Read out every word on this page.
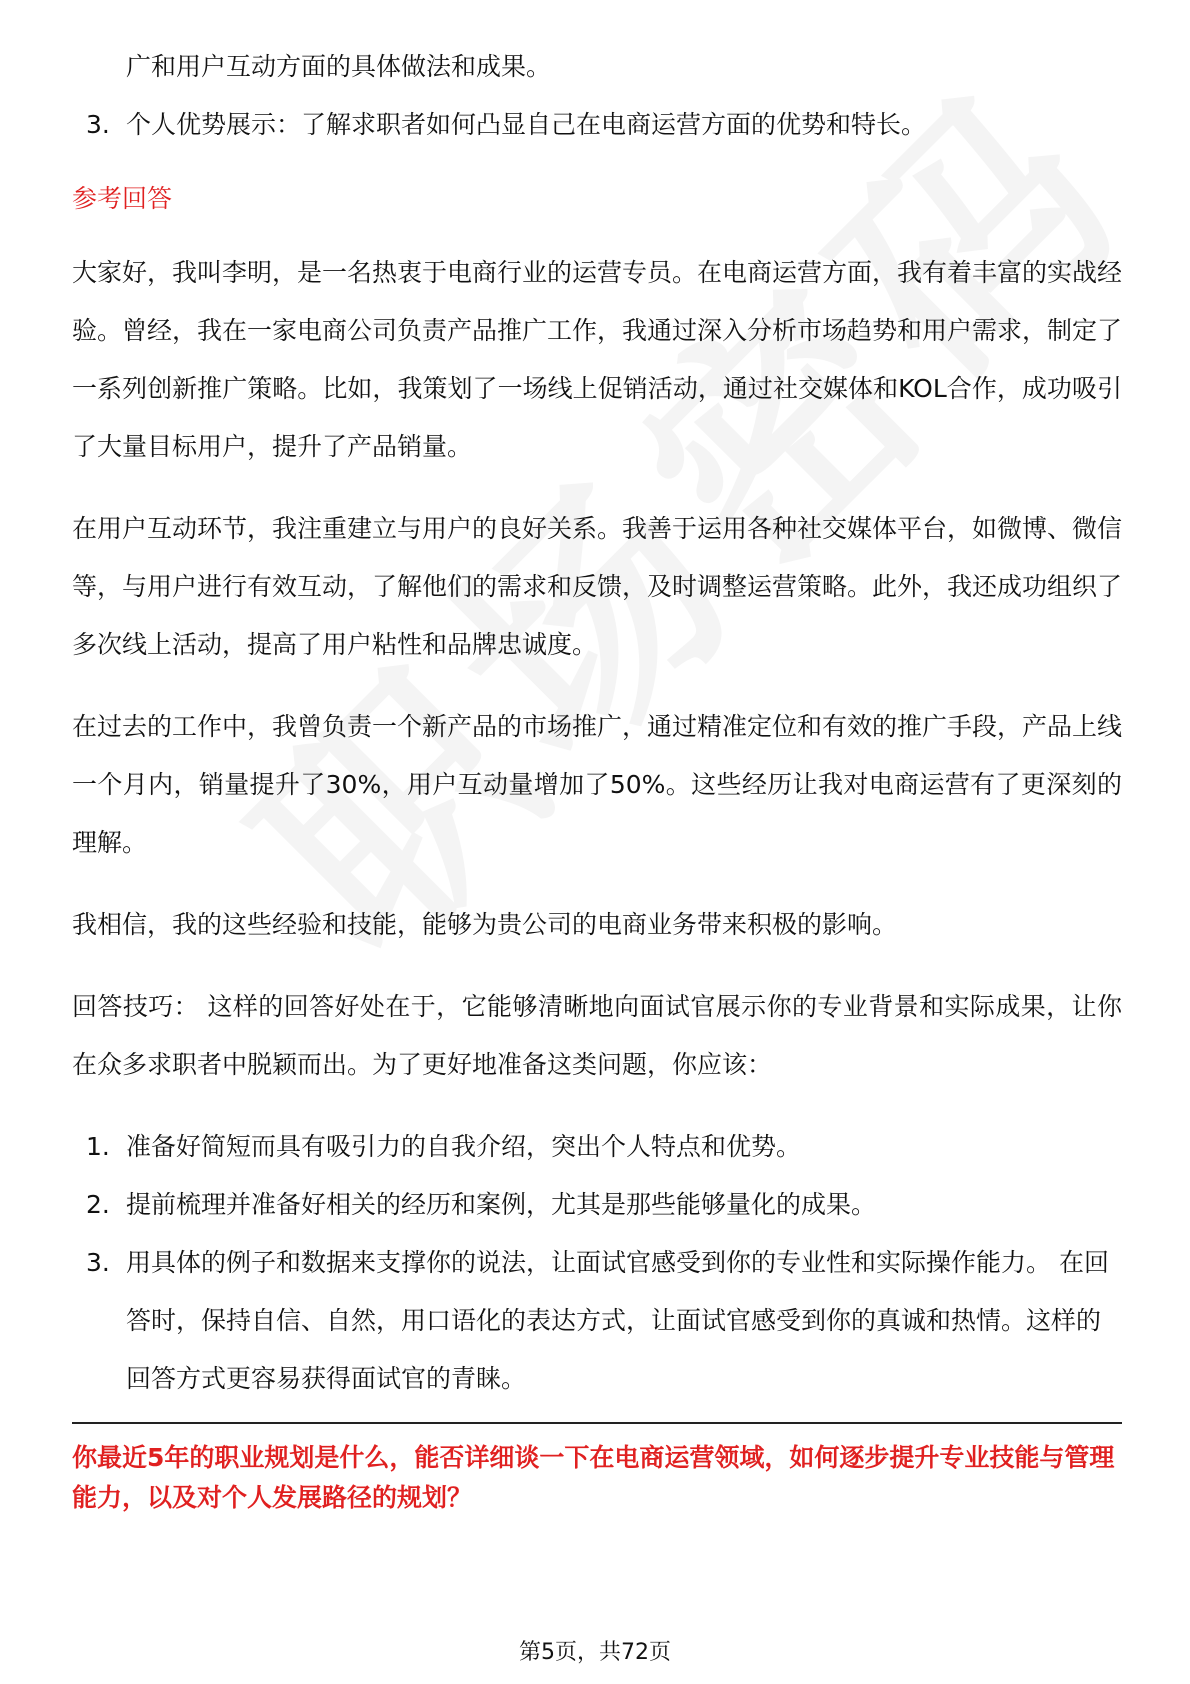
广和用户互动方面的具体做法和成果。
3. 个人优势展示：了解求职者如何凸显自己在电商运营方面的优势和特长。
参考回答

大家好，我叫李明，是一名热衷于电商行业的运营专员。在电商运营方面，我有着丰富的实战经验。曾经，我在一家电商公司负责产品推广工作，我通过深入分析市场趋势和用户需求，制定了一系列创新推广策略。比如，我策划了一场线上促销活动，通过社交媒体和KOL合作，成功吸引了大量目标用户，提升了产品销量。

在用户互动环节，我注重建立与用户的良好关系。我善于运用各种社交媒体平台，如微博、微信等，与用户进行有效互动，了解他们的需求和反馈，及时调整运营策略。此外，我还成功组织了多次线上活动，提高了用户粘性和品牌忠诚度。

在过去的工作中，我曾负责一个新产品的市场推广，通过精准定位和有效的推广手段，产品上线一个月内，销量提升了30%，用户互动量增加了50%。这些经历让我对电商运营有了更深刻的理解。

我相信，我的这些经验和技能，能够为贵公司的电商业务带来积极的影响。

回答技巧： 这样的回答好处在于，它能够清晰地向面试官展示你的专业背景和实际成果，让你在众多求职者中脱颖而出。为了更好地准备这类问题，你应该：

1. 准备好简短而具有吸引力的自我介绍，突出个人特点和优势。
2. 提前梳理并准备好相关的经历和案例，尤其是那些能够量化的成果。
3. 用具体的例子和数据来支撑你的说法，让面试官感受到你的专业性和实际操作能力。 在回答时，保持自信、自然，用口语化的表达方式，让面试官感受到你的真诚和热情。这样的回答方式更容易获得面试官的青睐。
你最近5年的职业规划是什么，能否详细谈一下在电商运营领域，如何逐步提升专业技能与管理能力，以及对个人发展路径的规划？
第5页，共72页
